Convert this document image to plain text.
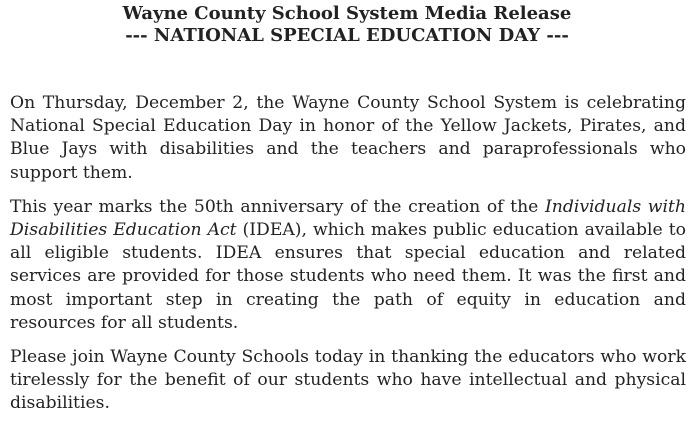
Wayne County School System Media Release
--- NATIONAL SPECIAL EDUCATION DAY ---

On Thursday, December 2, the Wayne County School System is celebrating National Special Education Day in honor of the Yellow Jackets, Pirates, and Blue Jays with disabilities and the teachers and paraprofessionals who support them.

This year marks the 50th anniversary of the creation of the Individuals with Disabilities Education Act (IDEA), which makes public education available to all eligible students. IDEA ensures that special education and related services are provided for those students who need them. It was the first and most important step in creating the path of equity in education and resources for all students.

Please join Wayne County Schools today in thanking the educators who work tirelessly for the benefit of our students who have intellectual and physical disabilities.
